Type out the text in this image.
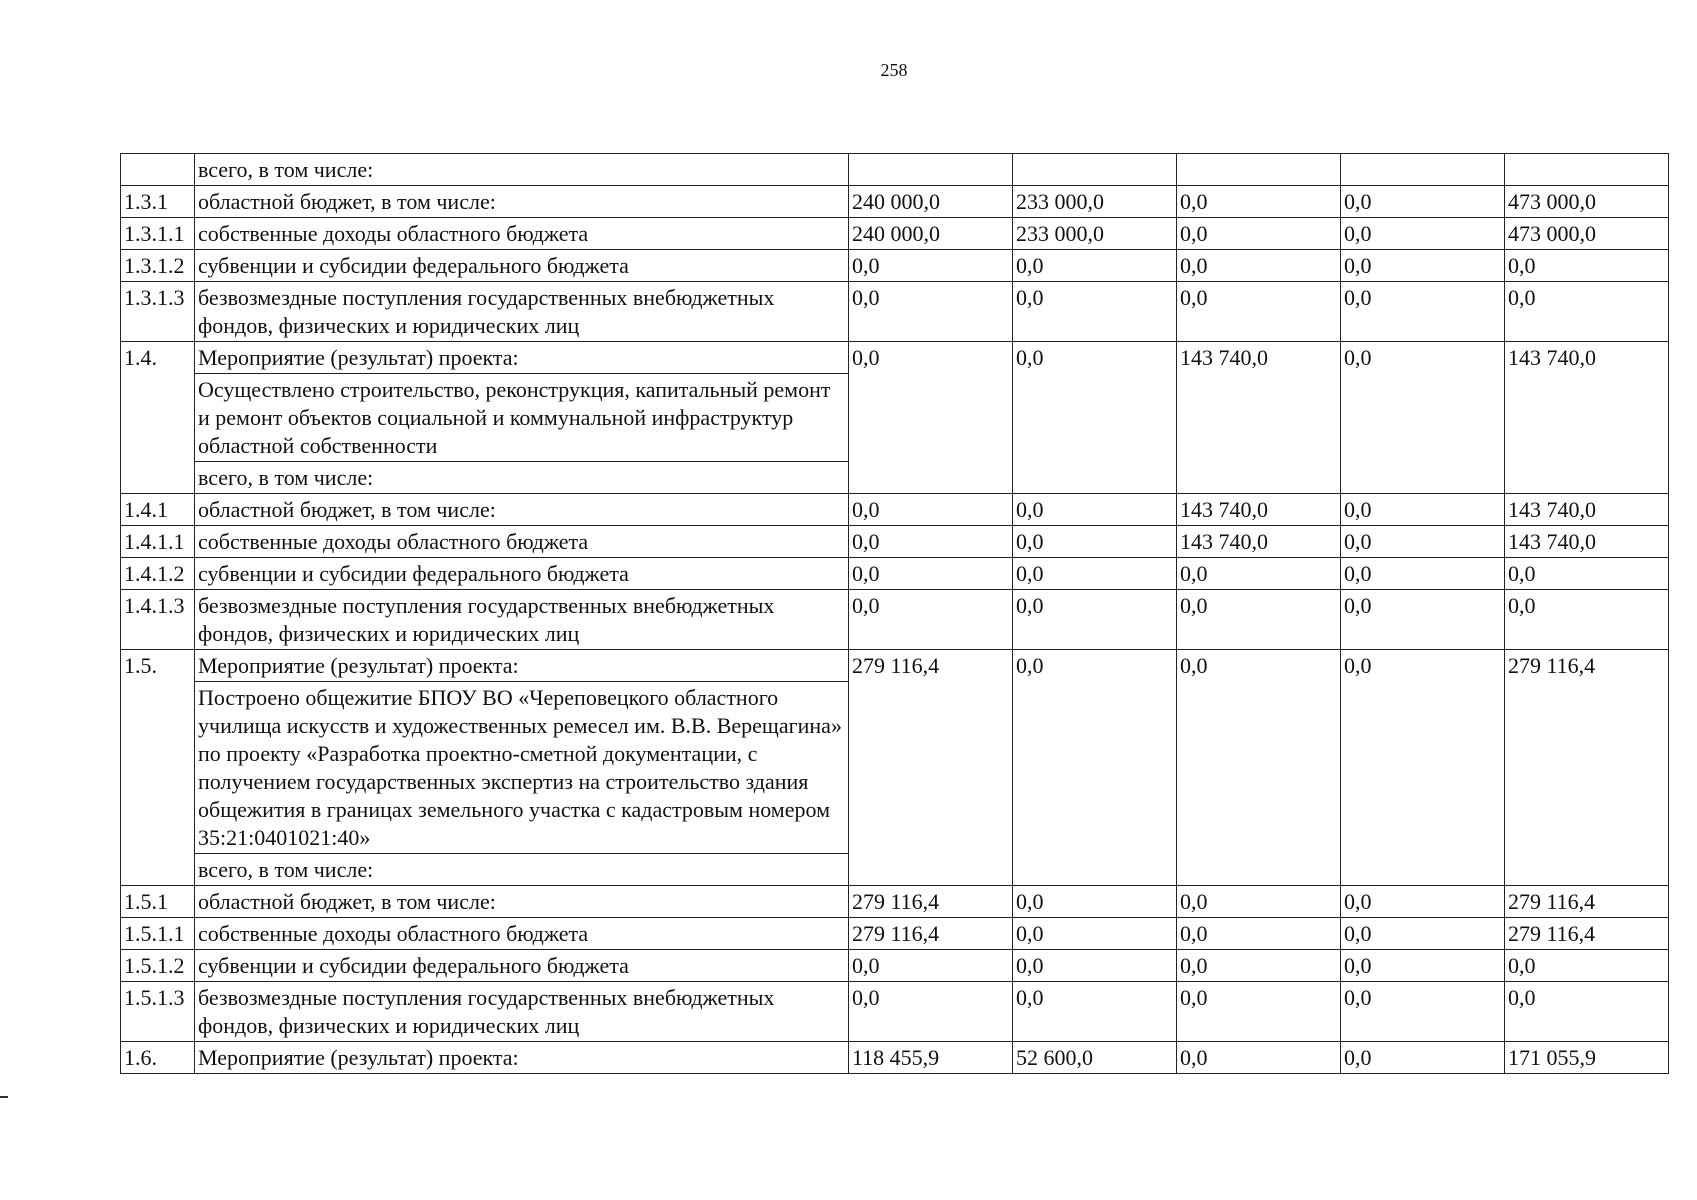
258
	всего, в том числе:					
1.3.1	областной бюджет, в том числе:	240 000,0	233 000,0	0,0	0,0	473 000,0
1.3.1.1	собственные доходы областного бюджета	240 000,0	233 000,0	0,0	0,0	473 000,0
1.3.1.2	субвенции и субсидии федерального бюджета	0,0	0,0	0,0	0,0	0,0
1.3.1.3	безвозмездные поступления государственных внебюджетных фондов, физических и юридических лиц	0,0	0,0	0,0	0,0	0,0
1.4.	Мероприятие (результат) проекта:	0,0	0,0	143 740,0	0,0	143 740,0
	Осуществлено строительство, реконструкция, капитальный ремонт и ремонт объектов социальной и коммунальной инфраструктур областной собственности					
	всего, в том числе:					
1.4.1	областной бюджет, в том числе:	0,0	0,0	143 740,0	0,0	143 740,0
1.4.1.1	собственные доходы областного бюджета	0,0	0,0	143 740,0	0,0	143 740,0
1.4.1.2	субвенции и субсидии федерального бюджета	0,0	0,0	0,0	0,0	0,0
1.4.1.3	безвозмездные поступления государственных внебюджетных фондов, физических и юридических лиц	0,0	0,0	0,0	0,0	0,0
1.5.	Мероприятие (результат) проекта:	279 116,4	0,0	0,0	0,0	279 116,4
	Построено общежитие БПОУ ВО «Череповецкого областного училища искусств и художественных ремесел им. В.В. Верещагина» по проекту «Разработка проектно-сметной документации, с получением государственных экспертиз на строительство здания общежития в границах земельного участка с кадастровым номером 35:21:0401021:40»					
	всего, в том числе:					
1.5.1	областной бюджет, в том числе:	279 116,4	0,0	0,0	0,0	279 116,4
1.5.1.1	собственные доходы областного бюджета	279 116,4	0,0	0,0	0,0	279 116,4
1.5.1.2	субвенции и субсидии федерального бюджета	0,0	0,0	0,0	0,0	0,0
1.5.1.3	безвозмездные поступления государственных внебюджетных фондов, физических и юридических лиц	0,0	0,0	0,0	0,0	0,0
1.6.	Мероприятие (результат) проекта:	118 455,9	52 600,0	0,0	0,0	171 055,9
